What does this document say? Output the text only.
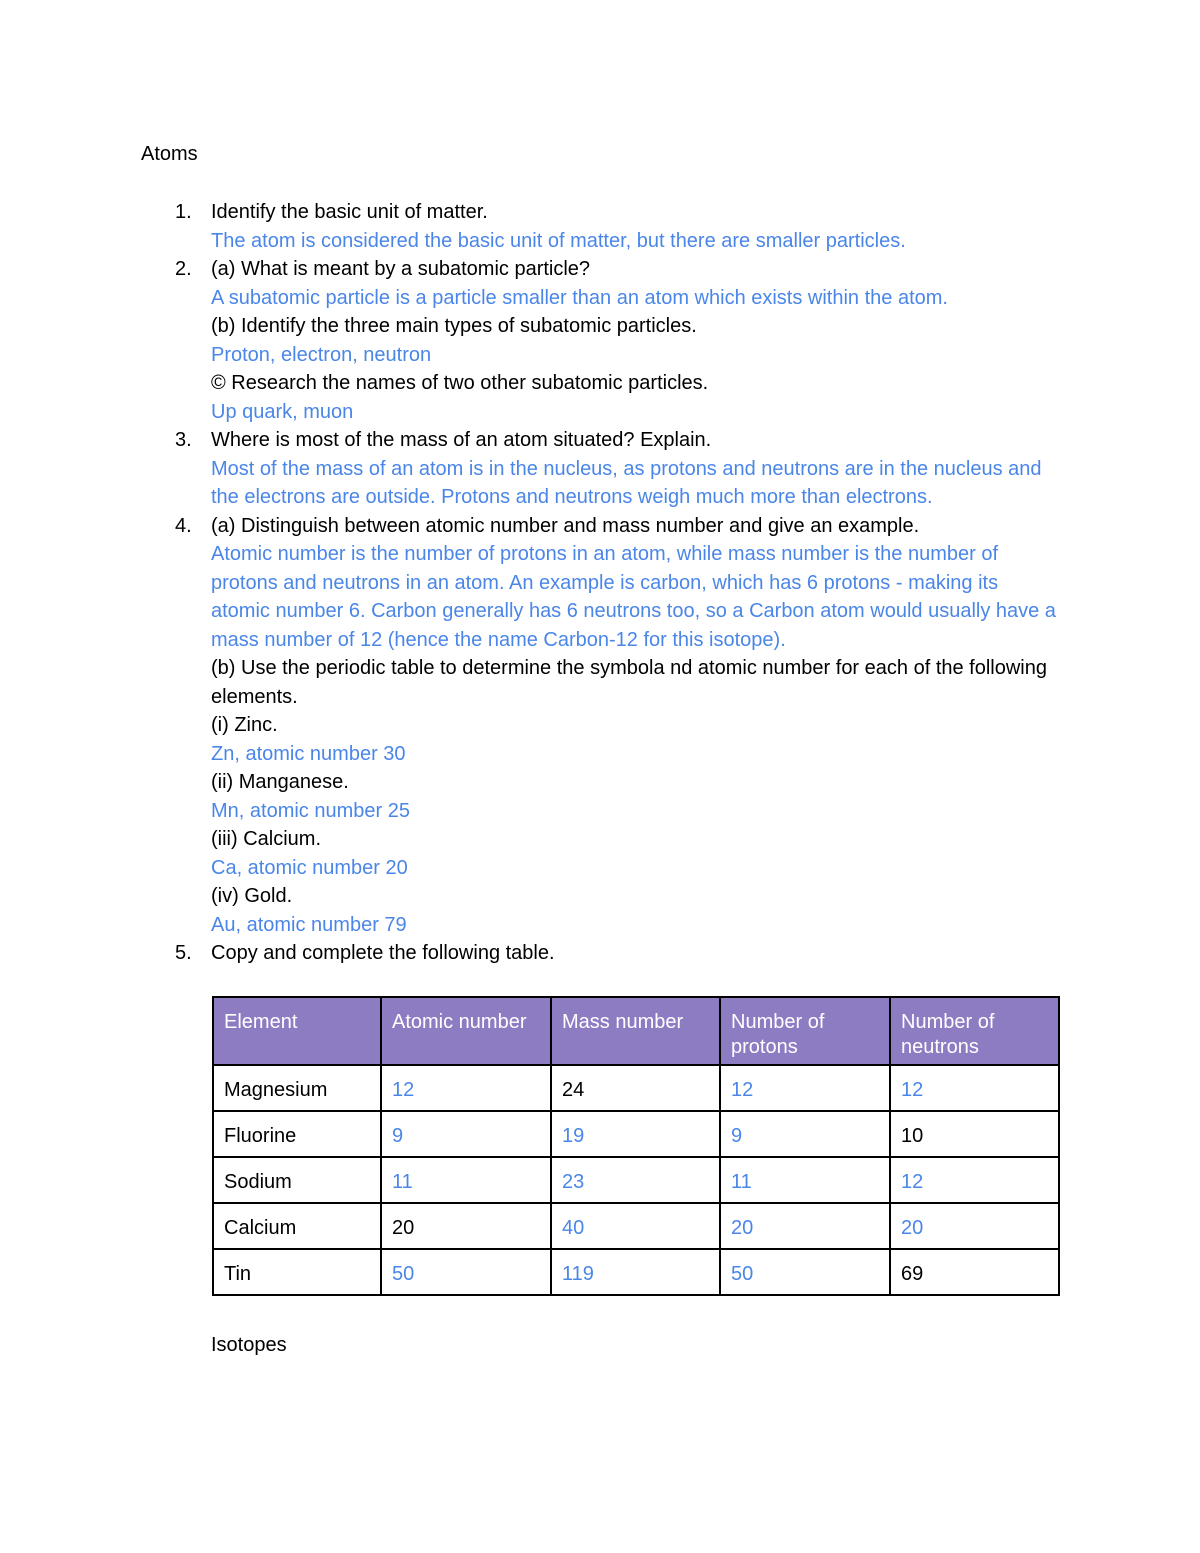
Atoms
1. Identify the basic unit of matter.
The atom is considered the basic unit of matter, but there are smaller particles.
2. (a) What is meant by a subatomic particle?
A subatomic particle is a particle smaller than an atom which exists within the atom.
(b) Identify the three main types of subatomic particles.
Proton, electron, neutron
© Research the names of two other subatomic particles.
Up quark, muon
3. Where is most of the mass of an atom situated? Explain.
Most of the mass of an atom is in the nucleus, as protons and neutrons are in the nucleus and the electrons are outside. Protons and neutrons weigh much more than electrons.
4. (a) Distinguish between atomic number and mass number and give an example.
Atomic number is the number of protons in an atom, while mass number is the number of protons and neutrons in an atom. An example is carbon, which has 6 protons - making its atomic number 6. Carbon generally has 6 neutrons too, so a Carbon atom would usually have a mass number of 12 (hence the name Carbon-12 for this isotope).
(b) Use the periodic table to determine the symbola nd atomic number for each of the following elements.
(i) Zinc.
Zn, atomic number 30
(ii) Manganese.
Mn, atomic number 25
(iii) Calcium.
Ca, atomic number 20
(iv) Gold.
Au, atomic number 79
5. Copy and complete the following table.
Element	Atomic number	Mass number	Number of protons	Number of neutrons
Magnesium	12	24	12	12
Fluorine	9	19	9	10
Sodium	11	23	11	12
Calcium	20	40	20	20
Tin	50	119	50	69
Isotopes
